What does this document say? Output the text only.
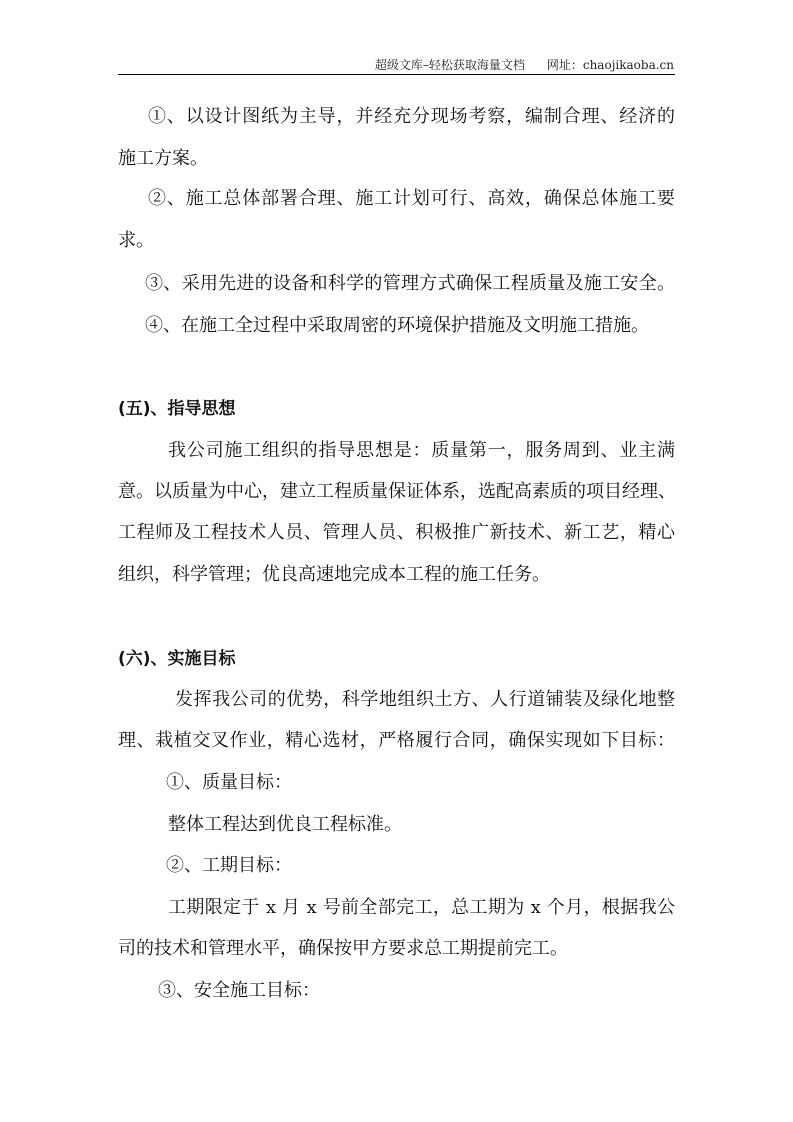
超级文库–轻松获取海量文档 网址：chaojikaoba.cn
①、以设计图纸为主导，并经充分现场考察，编制合理、经济的
施工方案。
②、施工总体部署合理、施工计划可行、高效，确保总体施工要
求。
③、采用先进的设备和科学的管理方式确保工程质量及施工安全。
④、在施工全过程中采取周密的环境保护措施及文明施工措施。
(五)、指导思想
我公司施工组织的指导思想是：质量第一，服务周到、业主满
意。以质量为中心，建立工程质量保证体系，选配高素质的项目经理、
工程师及工程技术人员、管理人员、积极推广新技术、新工艺，精心
组织，科学管理；优良高速地完成本工程的施工任务。
(六)、实施目标
发挥我公司的优势，科学地组织土方、人行道铺装及绿化地整
理、栽植交叉作业，精心选材，严格履行合同，确保实现如下目标：
①、质量目标：
整体工程达到优良工程标准。
②、工期目标：
工期限定于 x 月 x 号前全部完工，总工期为 x 个月，根据我公
司的技术和管理水平，确保按甲方要求总工期提前完工。
③、安全施工目标：
